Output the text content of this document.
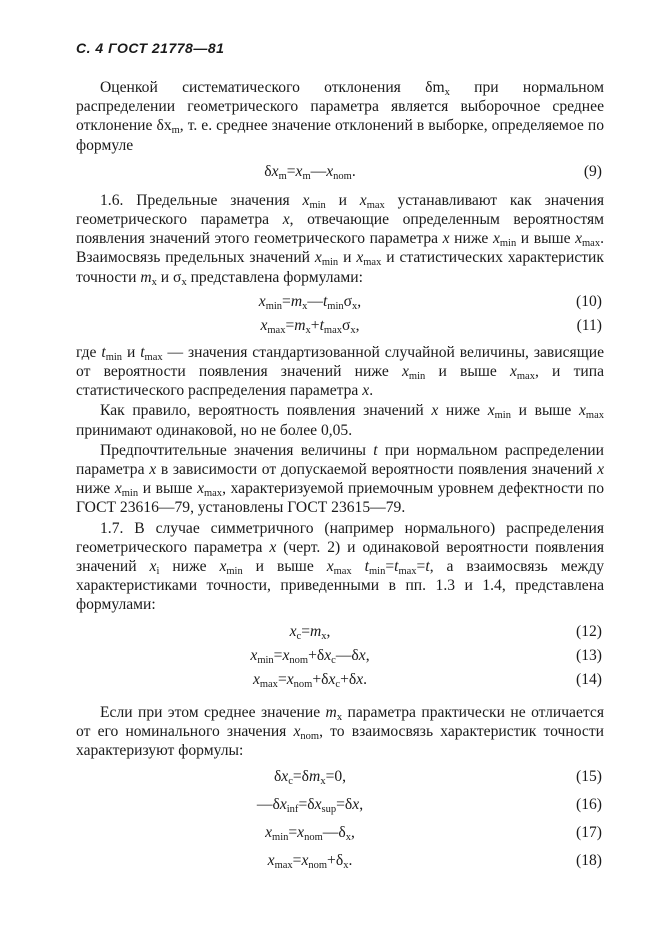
С. 4 ГОСТ 21778—81

Оценкой систематического отклонения $\delta m_x$ при нормальном распределении геометрического параметра является выборочное среднее отклонение $\delta x_m$, т. е. среднее значение отклонений в выборке, определяемое по формуле

$\delta x_m=x_m—x_{nom}$.	(9)

1.6. Предельные значения $x_{min}$ и $x_{max}$ устанавливают как значения геометрического параметра x, отвечающие определенным вероятностям появления значений этого геометрического параметра x ниже $x_{min}$ и выше $x_{max}$. Взаимосвязь предельных значений $x_{min}$ и $x_{max}$ и статистических характеристик точности $m_x$ и $\sigma_x$ представлена формулами:

$x_{min}=m_x—t_{min}\sigma_x$,	(10)
$x_{max}=m_x+t_{max}\sigma_x$,	(11)

где $t_{min}$ и $t_{max}$ — значения стандартизованной случайной величины, зависящие от вероятности появления значений ниже $x_{min}$ и выше $x_{max}$, и типа статистического распределения параметра x.

Как правило, вероятность появления значений x ниже $x_{min}$ и выше $x_{max}$ принимают одинаковой, но не более 0,05.

Предпочтительные значения величины t при нормальном распределении параметра x в зависимости от допускаемой вероятности появления значений x ниже $x_{min}$ и выше $x_{max}$, характеризуемой приемочным уровнем дефектности по ГОСТ 23616—79, установлены ГОСТ 23615—79.

1.7. В случае симметричного (например нормального) распределения геометрического параметра x (черт. 2) и одинаковой вероятности появления значений $x_i$ ниже $x_{min}$ и выше $x_{max}$ $t_{min}=t_{max}=t$, а взаимосвязь между характеристиками точности, приведенными в пп. 1.3 и 1.4, представлена формулами:

$x_c=m_x$,	(12)
$x_{min}=x_{nom}+\delta x_c—\delta x$,	(13)
$x_{max}=x_{nom}+\delta x_c+\delta x$.	(14)

Если при этом среднее значение $m_x$ параметра практически не отличается от его номинального значения $x_{nom}$, то взаимосвязь характеристик точности характеризуют формулы:

$\delta x_c=\delta m_x=0$,	(15)
$—\delta x_{inf}=\delta x_{sup}=\delta x$,	(16)
$x_{min}=x_{nom}—\delta_x$,	(17)
$x_{max}=x_{nom}+\delta_x$.	(18)
